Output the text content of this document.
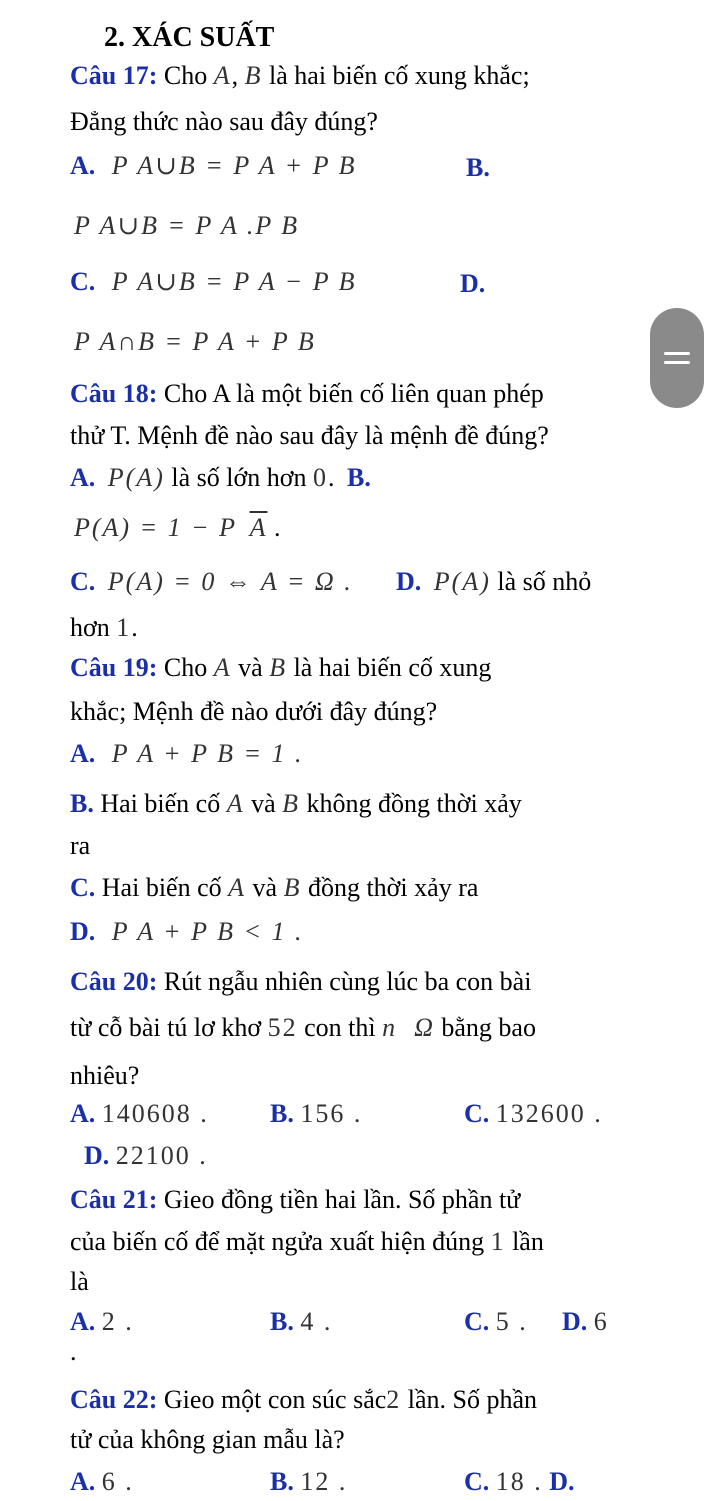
2. XÁC SUẤT
Câu 17: Cho A, B là hai biến cố xung khắc;
Đẳng thức nào sau đây đúng?
A. P A∪B = P A + P B	B.
P A∪B = P A .P B
C. P A∪B = P A − P B	D.
P A∩B = P A + P B
Câu 18: Cho A là một biến cố liên quan phép
thử T. Mệnh đề nào sau đây là mệnh đề đúng?
A. P(A) là số lớn hơn 0. B.
P(A) = 1 − P $\overline{A}$ .
C. P(A) = 0 ⇔ A = Ω . D. P(A) là số nhỏ
hơn 1.
Câu 19: Cho A và B là hai biến cố xung
khắc; Mệnh đề nào dưới đây đúng?
A. P A + P B = 1 .
B. Hai biến cố A và B không đồng thời xảy
ra
C. Hai biến cố A và B đồng thời xảy ra
D. P A + P B < 1 .
Câu 20: Rút ngẫu nhiên cùng lúc ba con bài
từ cỗ bài tú lơ khơ 52 con thì n  Ω bằng bao
nhiêu?
A. 140608 . B. 156 .	C. 132600 .
D. 22100 .
Câu 21: Gieo đồng tiền hai lần. Số phần tử
của biến cố để mặt ngửa xuất hiện đúng 1 lần
là
A. 2 .	B. 4 .	C. 5 . D. 6
.
Câu 22: Gieo một con súc sắc2 lần. Số phần
tử của không gian mẫu là?
A. 6 .	B. 12 .	C. 18 . D.
